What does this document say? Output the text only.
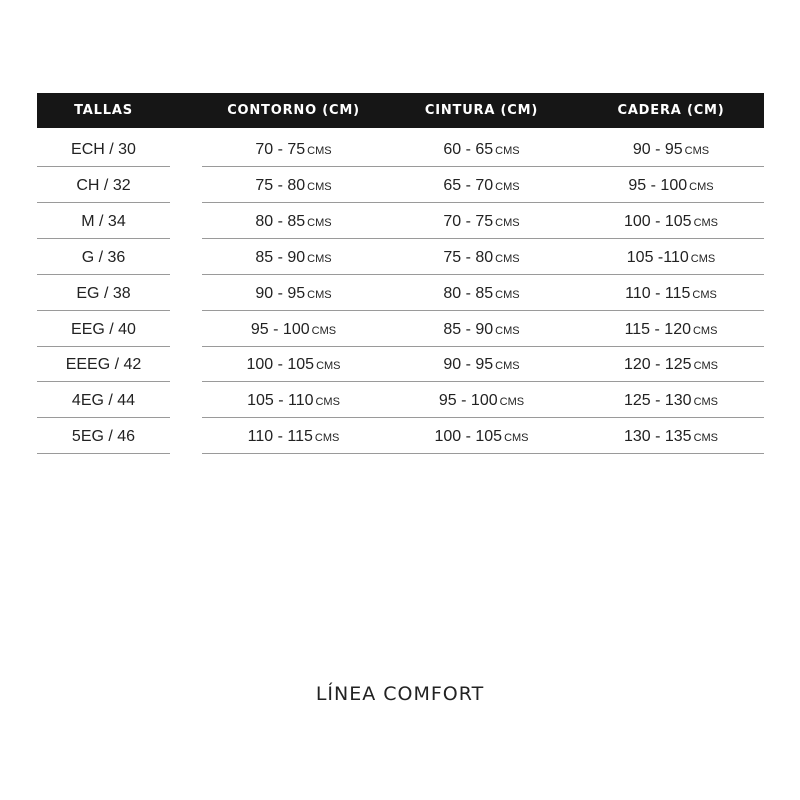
TALLAS	CONTORNO (CM)	CINTURA (CM)	CADERA (CM)
ECH / 30	70 - 75 CMS	60 - 65 CMS	90 - 95 CMS
CH / 32	75 - 80 CMS	65 - 70 CMS	95 - 100 CMS
M / 34	80 - 85 CMS	70 - 75 CMS	100 - 105 CMS
G / 36	85 - 90 CMS	75 - 80 CMS	105 -110 CMS
EG / 38	90 - 95 CMS	80 - 85 CMS	110 - 115 CMS
EEG / 40	95 - 100 CMS	85 - 90 CMS	115 - 120 CMS
EEEG / 42	100 - 105 CMS	90 - 95 CMS	120 - 125 CMS
4EG / 44	105 - 110 CMS	95 - 100 CMS	125 - 130 CMS
5EG / 46	110 - 115 CMS	100 - 105 CMS	130 - 135 CMS
LÍNEA COMFORT
